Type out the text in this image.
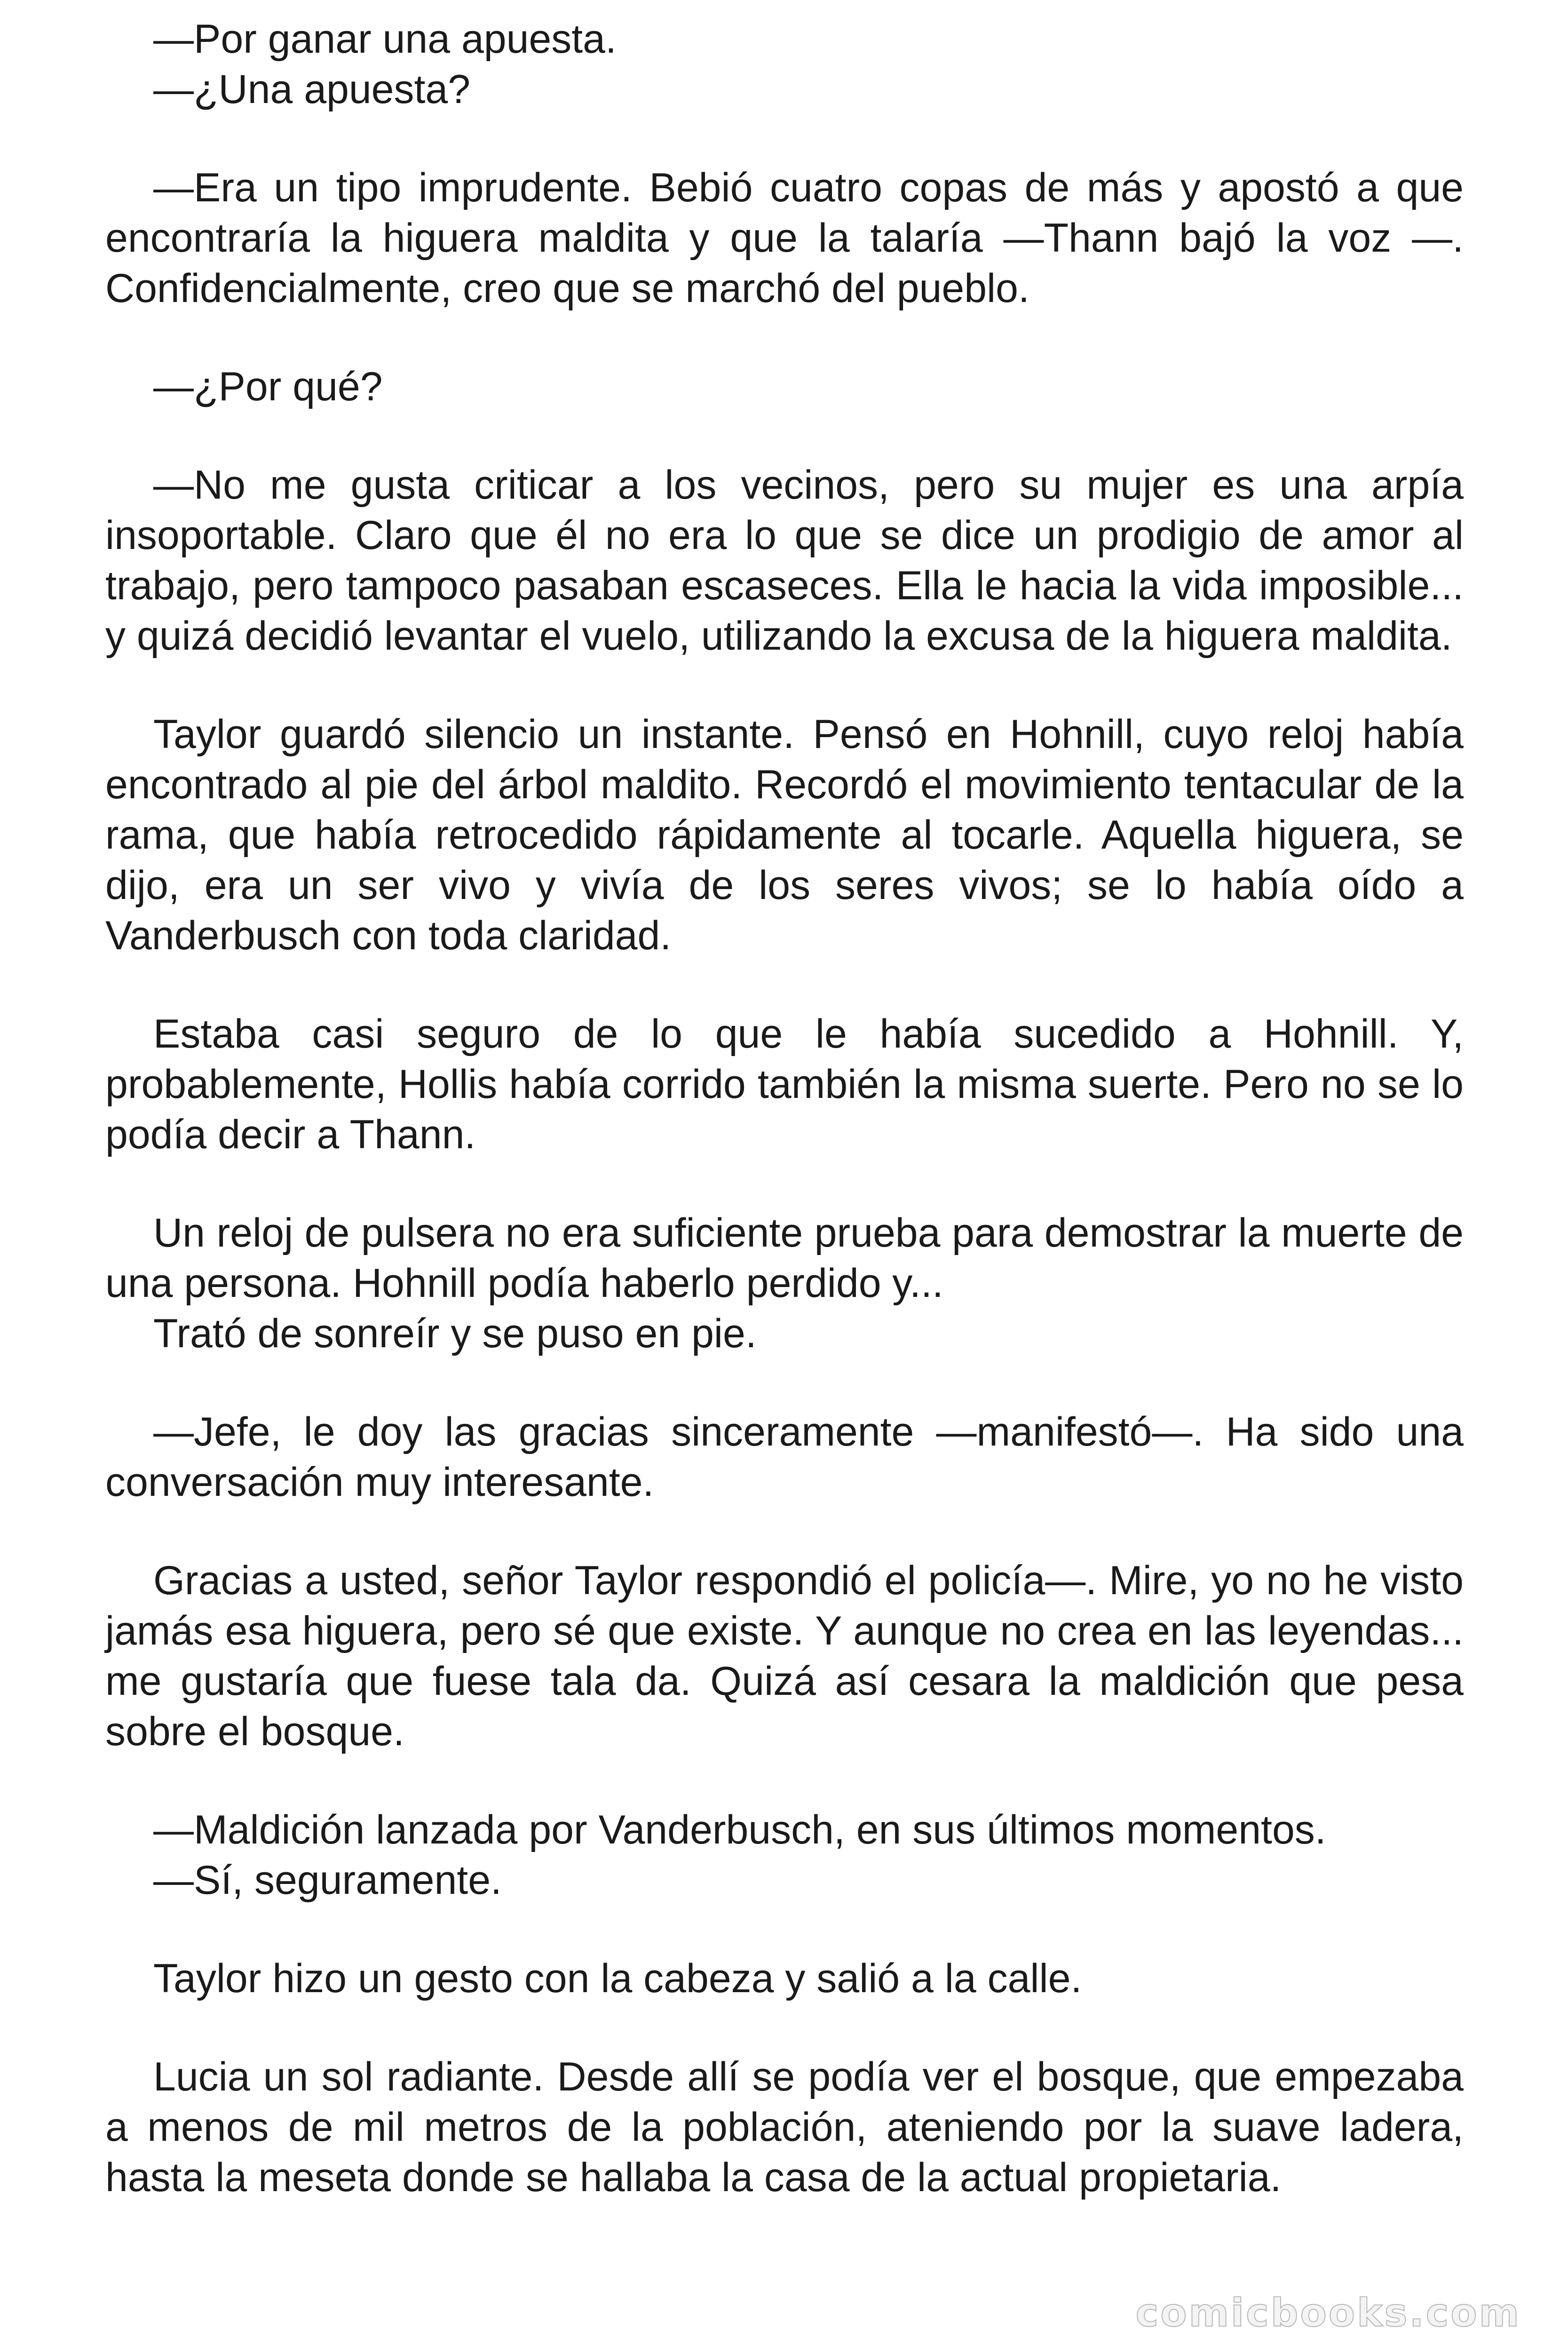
—Por ganar una apuesta.

—¿Una apuesta?

—Era un tipo imprudente. Bebió cuatro copas de más y apostó a que encontraría la higuera maldita y que la talaría —Thann bajó la voz —. Confidencialmente, creo que se marchó del pueblo.

—¿Por qué?

—No me gusta criticar a los vecinos, pero su mujer es una arpía insoportable. Claro que él no era lo que se dice un prodigio de amor al trabajo, pero tampoco pasaban escaseces. Ella le hacia la vida imposible... y quizá decidió levantar el vuelo, utilizando la excusa de la higuera maldita.

Taylor guardó silencio un instante. Pensó en Hohnill, cuyo reloj había encontrado al pie del árbol maldito. Recordó el movimiento tentacular de la rama, que había retrocedido rápidamente al tocarle. Aquella higuera, se dijo, era un ser vivo y vivía de los seres vivos; se lo había oído a Vanderbusch con toda claridad.

Estaba casi seguro de lo que le había sucedido a Hohnill. Y, probablemente, Hollis había corrido también la misma suerte. Pero no se lo podía decir a Thann.

Un reloj de pulsera no era suficiente prueba para demostrar la muerte de una persona. Hohnill podía haberlo perdido y...

Trató de sonreír y se puso en pie.

—Jefe, le doy las gracias sinceramente —manifestó—. Ha sido una conversación muy interesante.

Gracias a usted, señor Taylor respondió el policía—. Mire, yo no he visto jamás esa higuera, pero sé que existe. Y aunque no crea en las leyendas... me gustaría que fuese tala da. Quizá así cesara la maldición que pesa sobre el bosque.

—Maldición lanzada por Vanderbusch, en sus últimos momentos.

—Sí, seguramente.

Taylor hizo un gesto con la cabeza y salió a la calle.

Lucia un sol radiante. Desde allí se podía ver el bosque, que empezaba a menos de mil metros de la población, ateniendo por la suave ladera, hasta la meseta donde se hallaba la casa de la actual propietaria.

comicbooks.com
